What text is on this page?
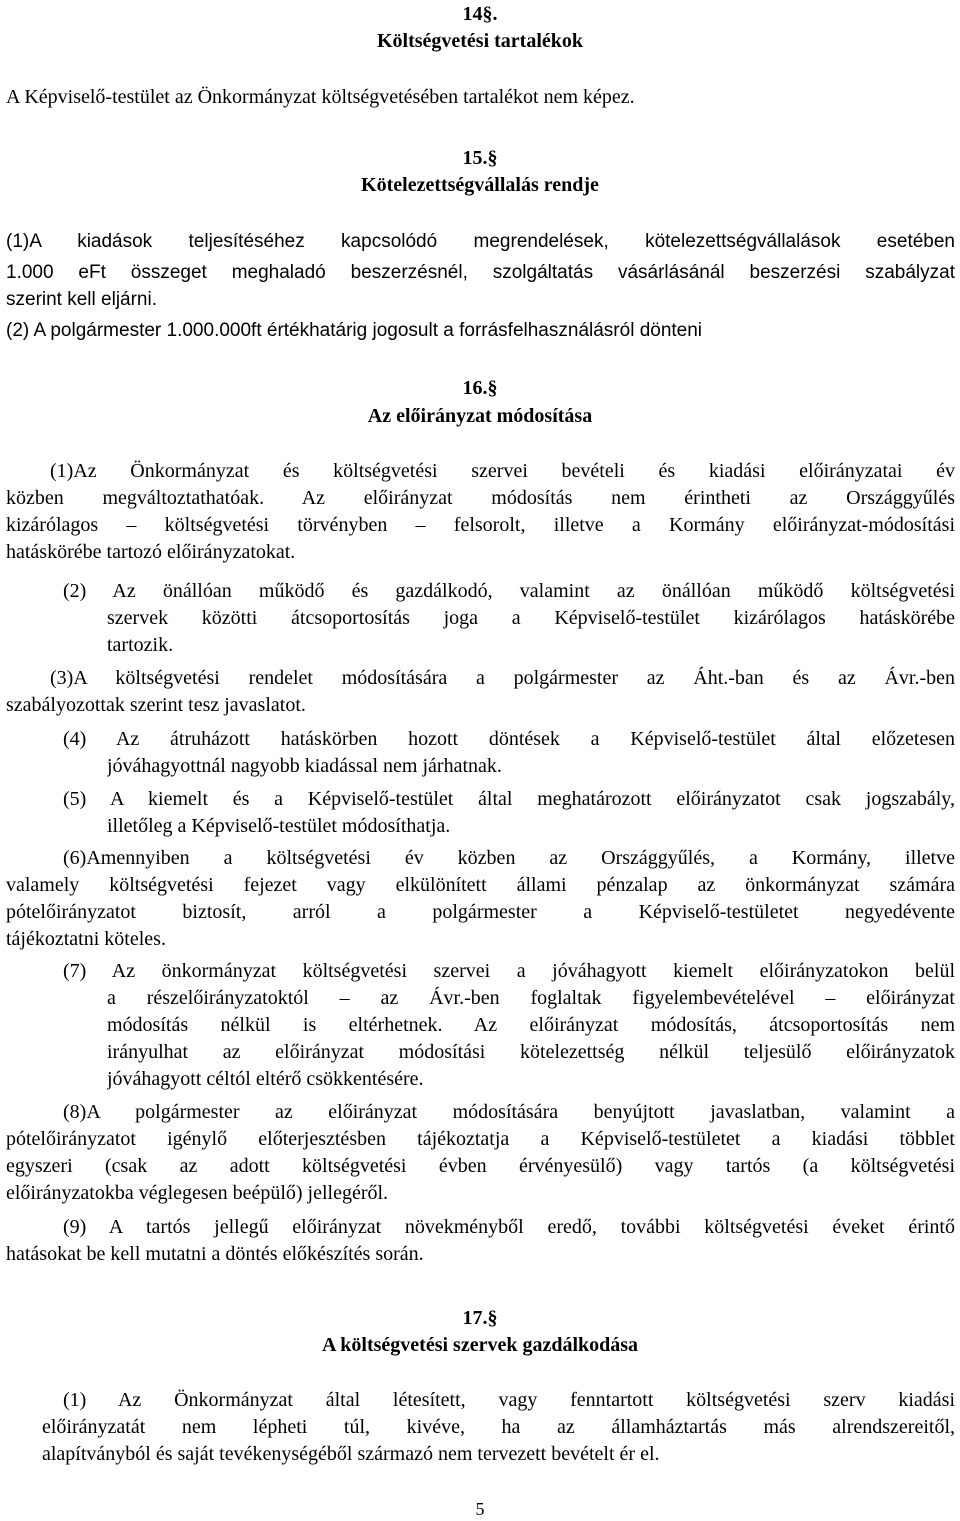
14§.
Költségvetési tartalékok
A Képviselő-testület az Önkormányzat költségvetésében tartalékot nem képez.
15.§
Kötelezettségvállalás rendje
(1)A kiadások teljesítéséhez kapcsolódó megrendelések, kötelezettségvállalások esetében
1.000 eFt összeget meghaladó beszerzésnél, szolgáltatás vásárlásánál beszerzési szabályzat
szerint kell eljárni.
(2) A polgármester 1.000.000ft értékhatárig jogosult a forrásfelhasználásról dönteni
16.§
Az előirányzat módosítása
(1)Az Önkormányzat és költségvetési szervei bevételi és kiadási előirányzatai év
közben megváltoztathatóak. Az előirányzat módosítás nem érintheti az Országgyűlés
kizárólagos – költségvetési törvényben – felsorolt, illetve a Kormány előirányzat-módosítási
hatáskörébe tartozó előirányzatokat.
(2) Az önállóan működő és gazdálkodó, valamint az önállóan működő költségvetési
szervek közötti átcsoportosítás joga a Képviselő-testület kizárólagos hatáskörébe
tartozik.
(3)A költségvetési rendelet módosítására a polgármester az Áht.-ban és az Ávr.-ben
szabályozottak szerint tesz javaslatot.
(4) Az átruházott hatáskörben hozott döntések a Képviselő-testület által előzetesen
jóváhagyottnál nagyobb kiadással nem járhatnak.
(5) A kiemelt és a Képviselő-testület által meghatározott előirányzatot csak jogszabály,
illetőleg a Képviselő-testület módosíthatja.
(6)Amennyiben a költségvetési év közben az Országgyűlés, a Kormány, illetve
valamely költségvetési fejezet vagy elkülönített állami pénzalap az önkormányzat számára
pótelőirányzatot biztosít, arról a polgármester a Képviselő-testületet negyedévente
tájékoztatni köteles.
(7) Az önkormányzat költségvetési szervei a jóváhagyott kiemelt előirányzatokon belül
a részelőirányzatoktól – az Ávr.-ben foglaltak figyelembevételével – előirányzat
módosítás nélkül is eltérhetnek. Az előirányzat módosítás, átcsoportosítás nem
irányulhat az előirányzat módosítási kötelezettség nélkül teljesülő előirányzatok
jóváhagyott céltól eltérő csökkentésére.
(8)A polgármester az előirányzat módosítására benyújtott javaslatban, valamint a
pótelőirányzatot igénylő előterjesztésben tájékoztatja a Képviselő-testületet a kiadási többlet
egyszeri (csak az adott költségvetési évben érvényesülő) vagy tartós (a költségvetési
előirányzatokba véglegesen beépülő) jellegéről.
(9) A tartós jellegű előirányzat növekményből eredő, további költségvetési éveket érintő
hatásokat be kell mutatni a döntés előkészítés során.
17.§
A költségvetési szervek gazdálkodása
(1) Az Önkormányzat által létesített, vagy fenntartott költségvetési szerv kiadási
előirányzatát nem lépheti túl, kivéve, ha az államháztartás más alrendszereitől,
alapítványból és saját tevékenységéből származó nem tervezett bevételt ér el.
5
